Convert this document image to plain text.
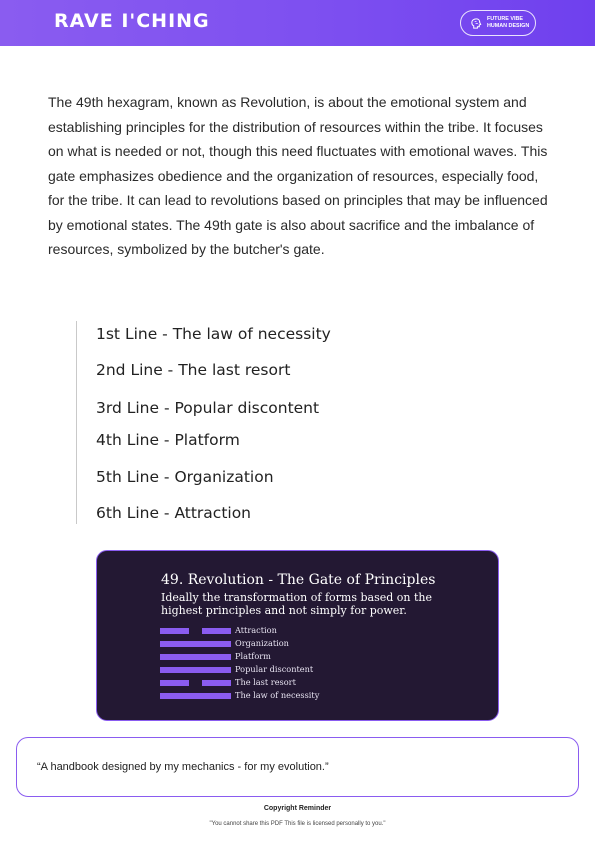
RAVE I'CHING	FUTURE VIBE
HUMAN DESIGN

The 49th hexagram, known as Revolution, is about the emotional system and establishing principles for the distribution of resources within the tribe. It focuses on what is needed or not, though this need fluctuates with emotional waves. This gate emphasizes obedience and the organization of resources, especially food, for the tribe. It can lead to revolutions based on principles that may be influenced by emotional states. The 49th gate is also about sacrifice and the imbalance of resources, symbolized by the butcher's gate.

1st Line - The law of necessity
2nd Line - The last resort
3rd Line - Popular discontent
4th Line - Platform
5th Line - Organization
6th Line - Attraction
49. Revolution - The Gate of Principles
Ideally the transformation of forms based on the highest principles and not simply for power.
Attraction
Organization
Platform
Popular discontent
The last resort
The law of necessity
“A handbook designed by my mechanics - for my evolution.”
Copyright Reminder
"You cannot share this PDF This file is licensed personally to you."
